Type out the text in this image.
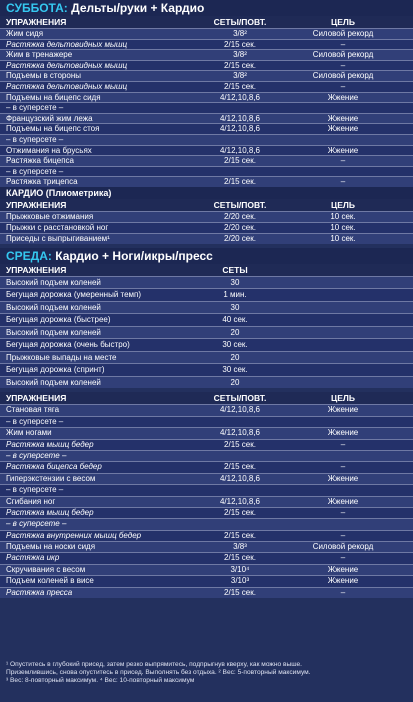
СУББОТА: Дельты/руки + Кардио
УПРАЖНЕНИЯ	СЕТЫ/ПОВТ.	ЦЕЛЬ
Жим сидя	3/8²	Силовой рекорд
Растяжка дельтовидных мышц	2/15 сек.	–
Жим в тренажере	3/8²	Силовой рекорд
Растяжка дельтовидных мышц	2/15 сек.	–
Подъемы в стороны	3/8²	Силовой рекорд
Растяжка дельтовидных мышц	2/15 сек.	–
Подъемы на бицепс сидя	4/12,10,8,6	Жжение
– в суперсете –
Французский жим лежа	4/12,10,8,6	Жжение
Подъемы на бицепс стоя	4/12,10,8,6	Жжение
– в суперсете –
Отжимания на брусьях	4/12,10,8,6	Жжение
Растяжка бицепса	2/15 сек.	–
– в суперсете –
Растяжка трицепса	2/15 сек.	–
КАРДИО (Плиометрика)
УПРАЖНЕНИЯ	СЕТЫ/ПОВТ.	ЦЕЛЬ
Прыжковые отжимания	2/20 сек.	10 сек.
Прыжки с расстановкой ног	2/20 сек.	10 сек.
Приседы с выпрыгиванием¹	2/20 сек.	10 сек.
СРЕДА: Кардио + Ноги/икры/пресс
УПРАЖНЕНИЯ	СЕТЫ
Высокий подъем коленей	30
Бегущая дорожка (умеренный темп)	1 мин.
Высокий подъем коленей	30
Бегущая дорожка (быстрее)	40 сек.
Высокий подъем коленей	20
Бегущая дорожка (очень быстро)	30 сек.
Прыжковые выпады на месте	20
Бегущая дорожка (спринт)	30 сек.
Высокий подъем коленей	20
УПРАЖНЕНИЯ	СЕТЫ/ПОВТ.	ЦЕЛЬ
Становая тяга	4/12,10,8,6	Жжение
– в суперсете –
Жим ногами	4/12,10,8,6	Жжение
Растяжка мышц бедер	2/15 сек.	–
– в суперсете –
Растяжка бицепса бедер	2/15 сек.	–
Гиперэкстензии с весом	4/12,10,8,6	Жжение
– в суперсете –
Сгибания ног	4/12,10,8,6	Жжение
Растяжка мышц бедер	2/15 сек.	–
– в суперсете –
Растяжка внутренних мышц бедер	2/15 сек.	–
Подъемы на носки сидя	3/8³	Силовой рекорд
Растяжка икр	2/15 сек.	–
Скручивания с весом	3/10⁴	Жжение
Подъем коленей в висе	3/10³	Жжение
Растяжка пресса	2/15 сек.	–
¹ Опуститесь в глубокий присед, затем резко выпрямитесь, подпрыгнув кверху, как можно выше.
Приземлившись, снова опуститесь в присед. Выполнять без отдыха. ² Вес: 5-повторный максимум.
³ Вес: 8-повторный максимум. ⁴ Вес: 10-повторный максимум
